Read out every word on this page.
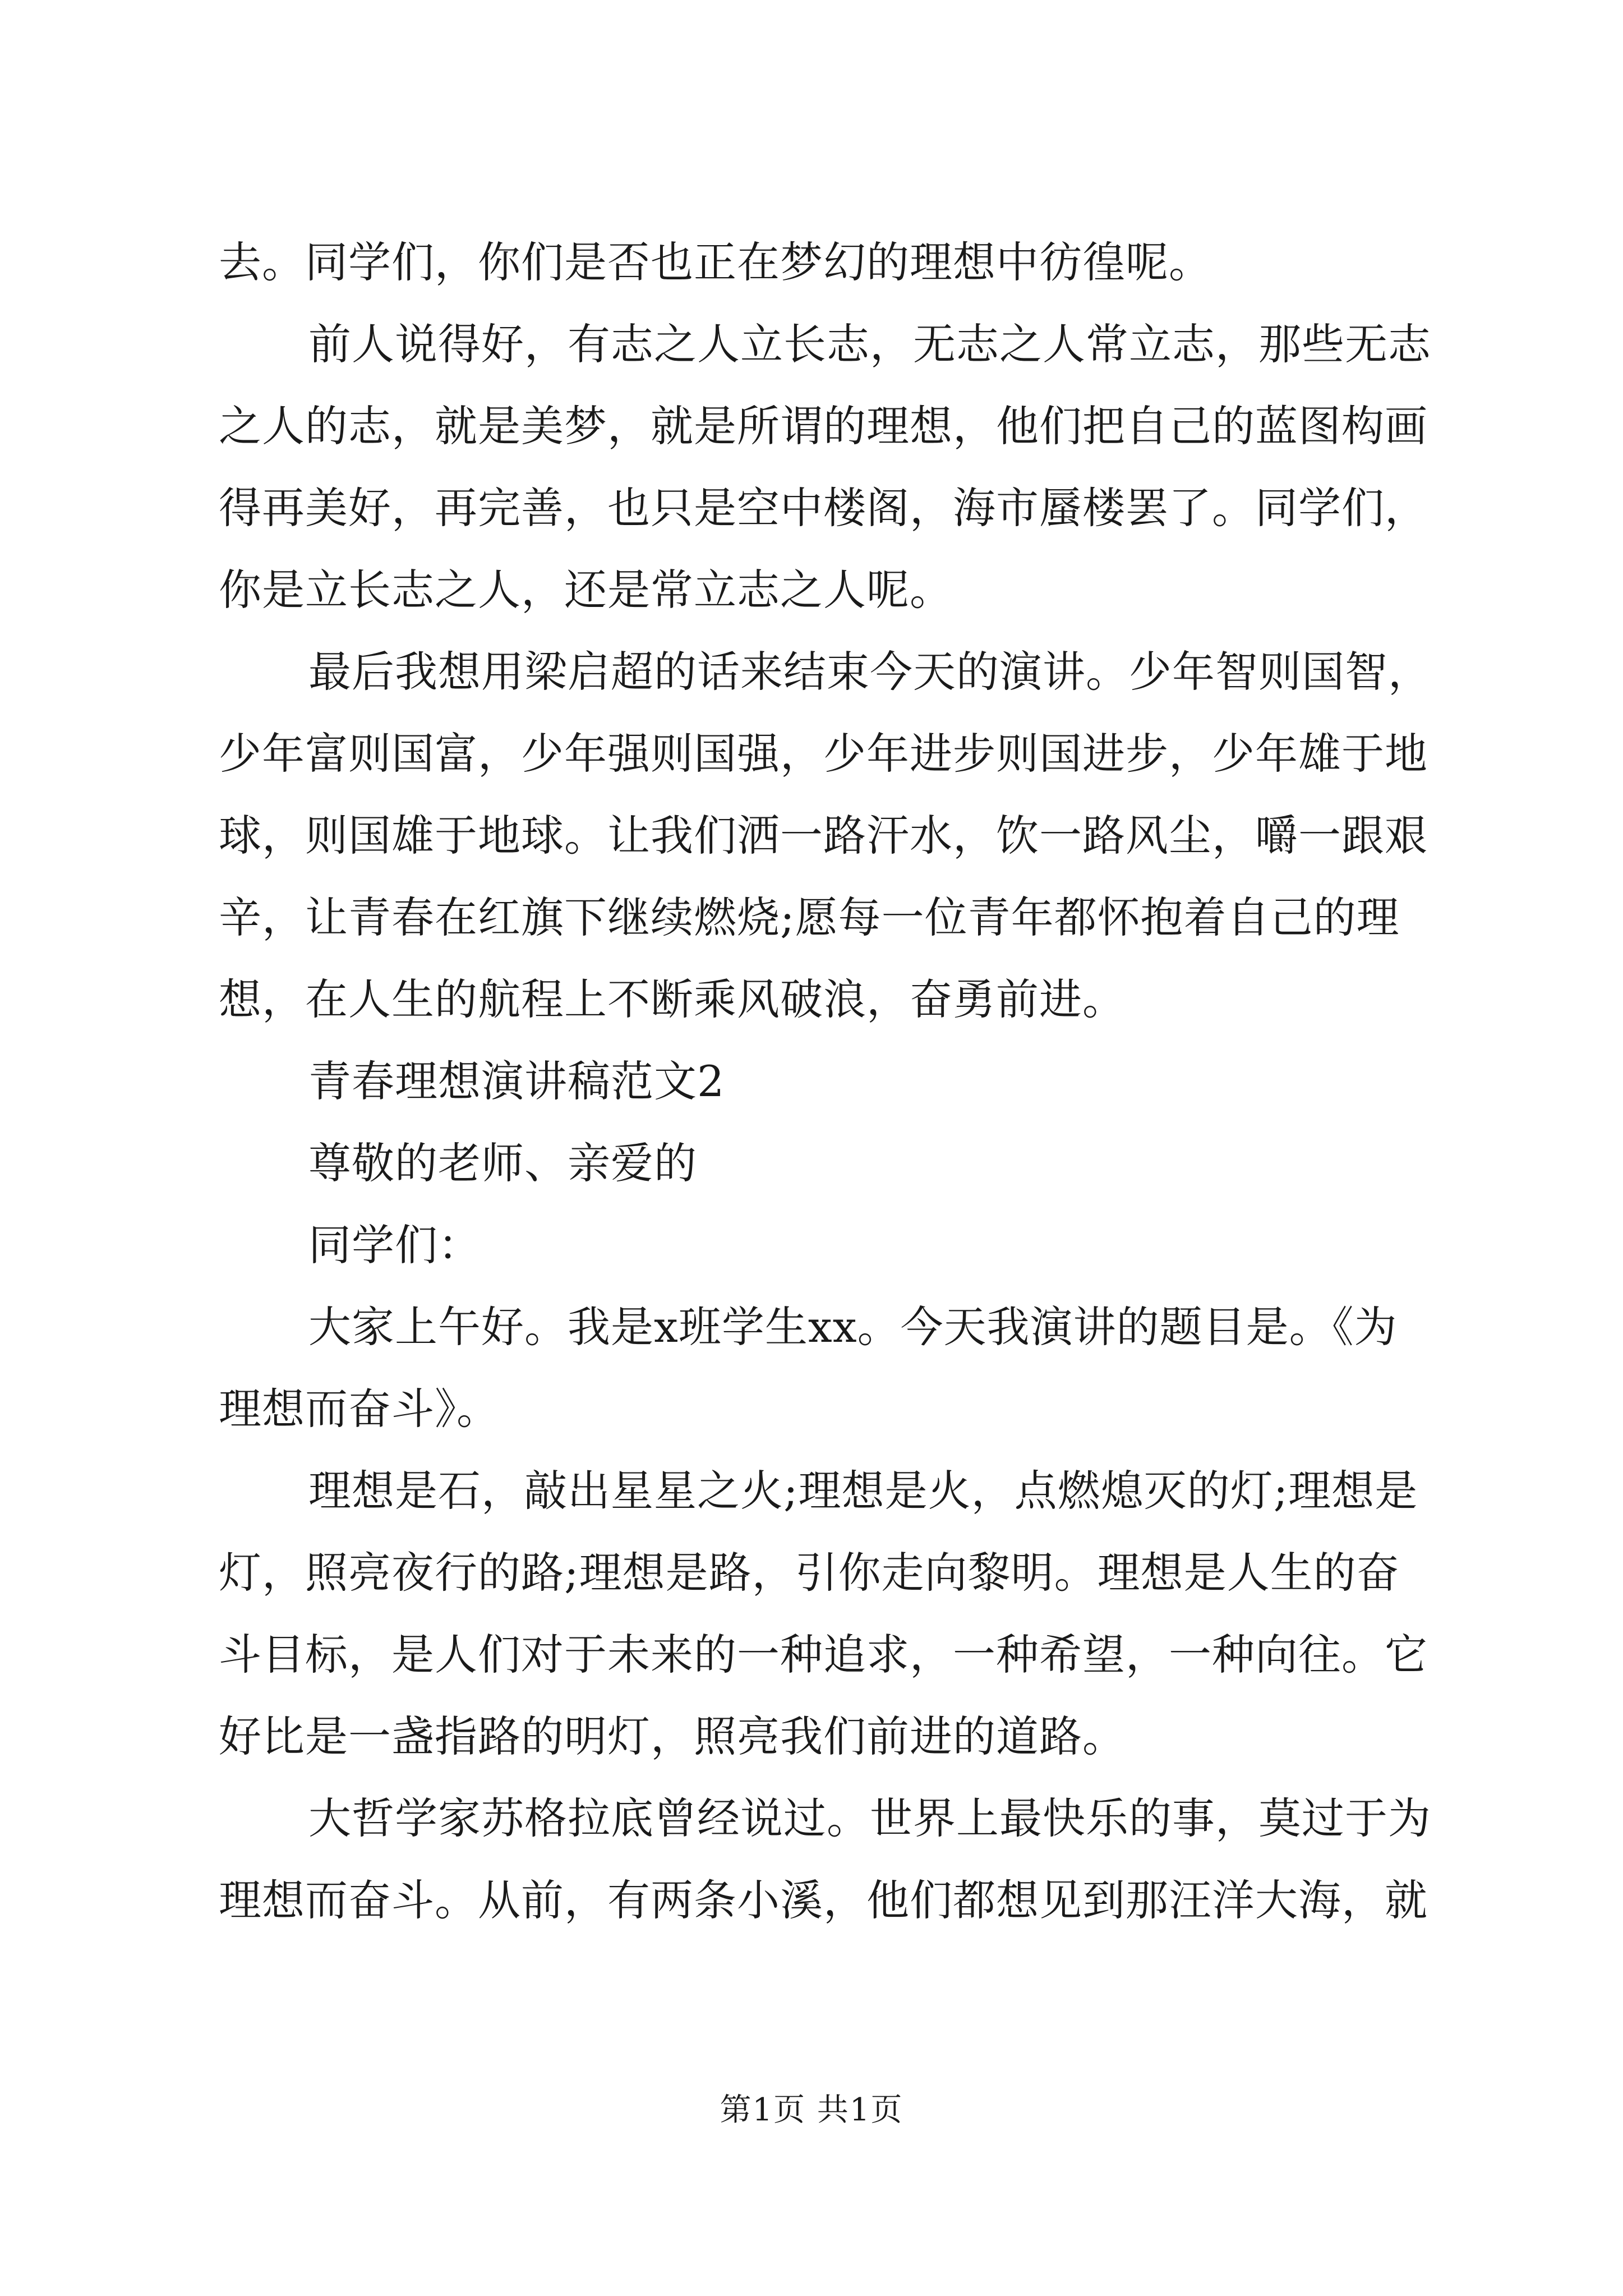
去。同学们，你们是否也正在梦幻的理想中彷徨呢。
前人说得好，有志之人立长志，无志之人常立志，那些无志
之人的志，就是美梦，就是所谓的理想，他们把自己的蓝图构画
得再美好，再完善，也只是空中楼阁，海市蜃楼罢了。同学们，
你是立长志之人，还是常立志之人呢。
最后我想用梁启超的话来结束今天的演讲。少年智则国智，
少年富则国富，少年强则国强，少年进步则国进步，少年雄于地
球，则国雄于地球。让我们洒一路汗水，饮一路风尘，嚼一跟艰
辛，让青春在红旗下继续燃烧;愿每一位青年都怀抱着自己的理
想，在人生的航程上不断乘风破浪，奋勇前进。
青春理想演讲稿范文2
尊敬的老师、亲爱的
同学们：
大家上午好。我是x班学生xx。今天我演讲的题目是。《为
理想而奋斗》。
理想是石，敲出星星之火;理想是火，点燃熄灭的灯;理想是
灯，照亮夜行的路;理想是路，引你走向黎明。理想是人生的奋
斗目标，是人们对于未来的一种追求，一种希望，一种向往。它
好比是一盏指路的明灯，照亮我们前进的道路。
大哲学家苏格拉底曾经说过。世界上最快乐的事，莫过于为
理想而奋斗。从前，有两条小溪，他们都想见到那汪洋大海，就
第1页 共1页
